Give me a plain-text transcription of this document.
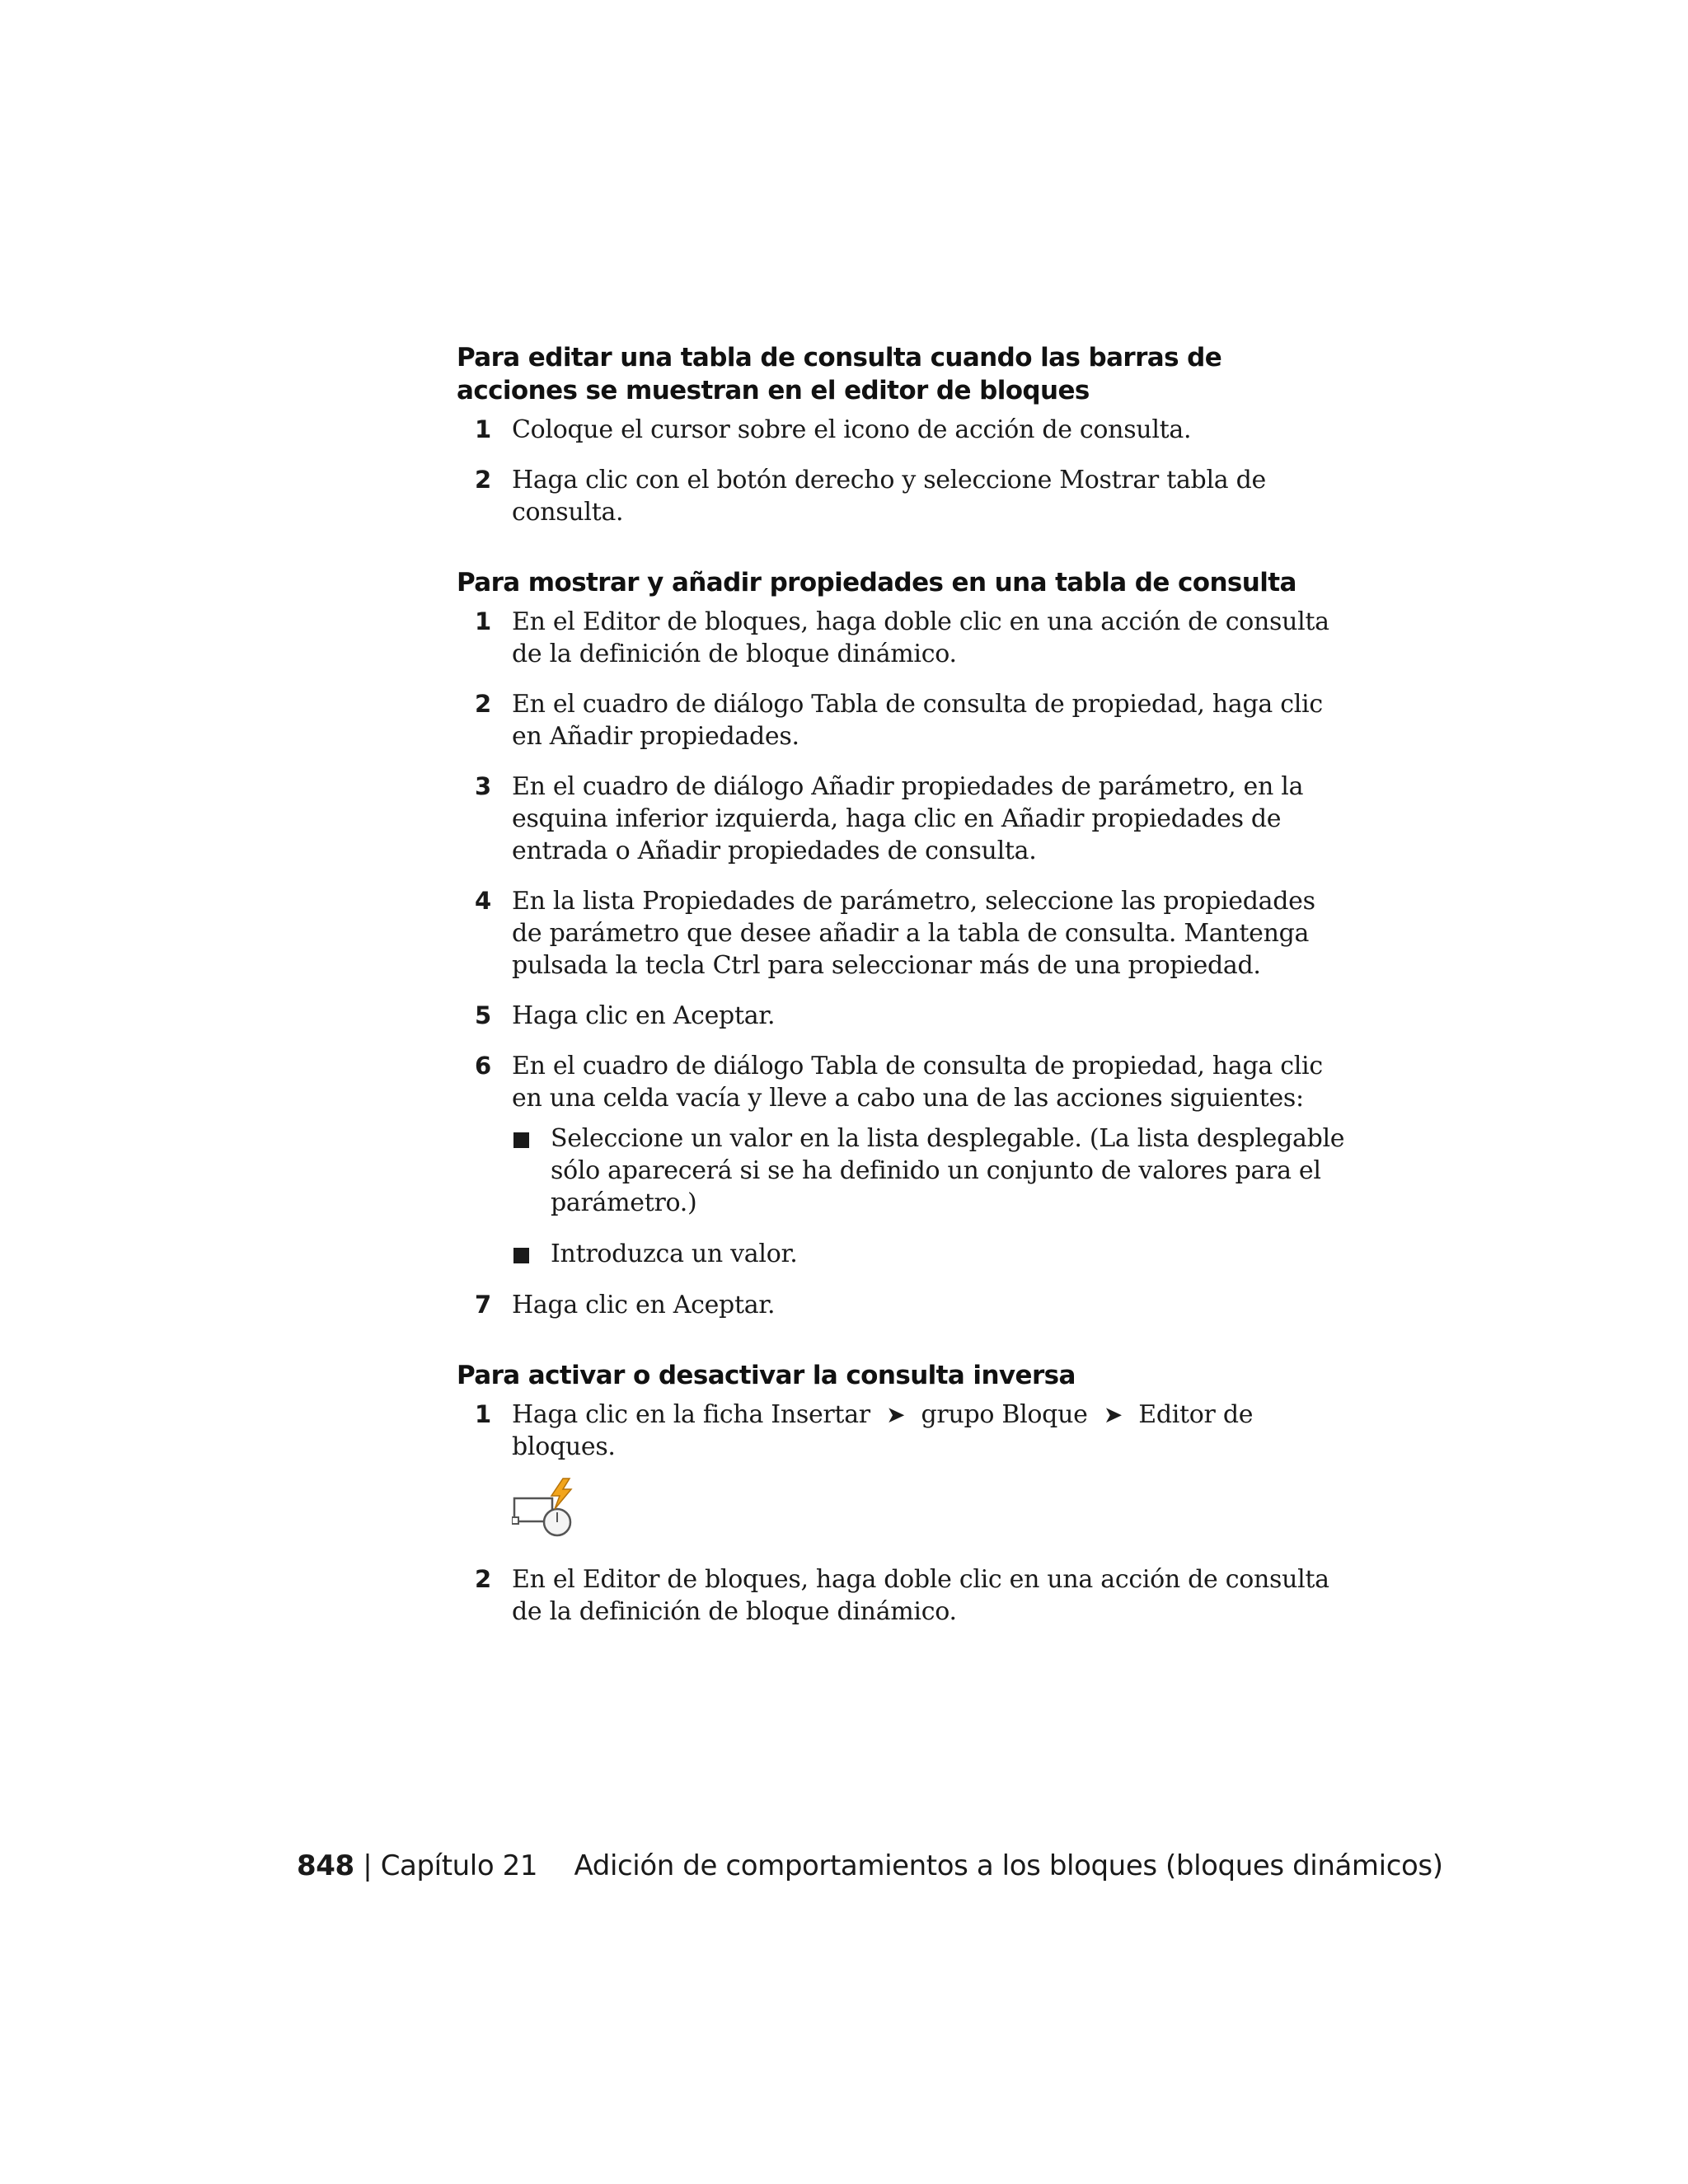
Para editar una tabla de consulta cuando las barras de acciones se muestran en el editor de bloques
1 Coloque el cursor sobre el icono de acción de consulta.
2 Haga clic con el botón derecho y seleccione Mostrar tabla de consulta.
Para mostrar y añadir propiedades en una tabla de consulta
1 En el Editor de bloques, haga doble clic en una acción de consulta de la definición de bloque dinámico.
2 En el cuadro de diálogo Tabla de consulta de propiedad, haga clic en Añadir propiedades.
3 En el cuadro de diálogo Añadir propiedades de parámetro, en la esquina inferior izquierda, haga clic en Añadir propiedades de entrada o Añadir propiedades de consulta.
4 En la lista Propiedades de parámetro, seleccione las propiedades de parámetro que desee añadir a la tabla de consulta. Mantenga pulsada la tecla Ctrl para seleccionar más de una propiedad.
5 Haga clic en Aceptar.
6 En el cuadro de diálogo Tabla de consulta de propiedad, haga clic en una celda vacía y lleve a cabo una de las acciones siguientes:
Seleccione un valor en la lista desplegable. (La lista desplegable sólo aparecerá si se ha definido un conjunto de valores para el parámetro.)
Introduzca un valor.
7 Haga clic en Aceptar.
Para activar o desactivar la consulta inversa
1 Haga clic en la ficha Insertar ➤ grupo Bloque ➤ Editor de bloques.
2 En el Editor de bloques, haga doble clic en una acción de consulta de la definición de bloque dinámico.
848 | Capítulo 21 Adición de comportamientos a los bloques (bloques dinámicos)
